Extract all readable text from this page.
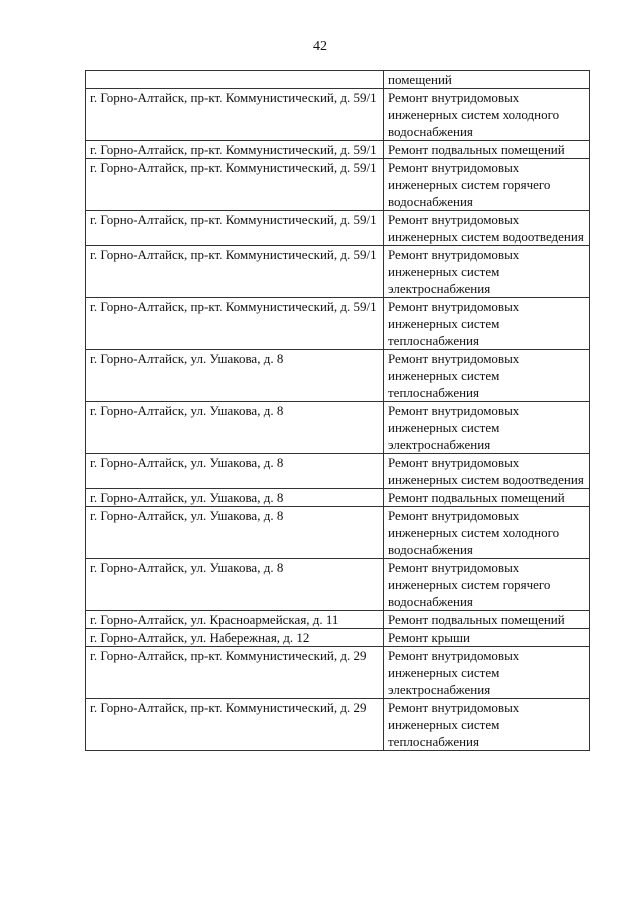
42
	помещений
г. Горно-Алтайск, пр-кт. Коммунистический, д. 59/1	Ремонт внутридомовых инженерных систем холодного водоснабжения
г. Горно-Алтайск, пр-кт. Коммунистический, д. 59/1	Ремонт подвальных помещений
г. Горно-Алтайск, пр-кт. Коммунистический, д. 59/1	Ремонт внутридомовых инженерных систем горячего водоснабжения
г. Горно-Алтайск, пр-кт. Коммунистический, д. 59/1	Ремонт внутридомовых инженерных систем водоотведения
г. Горно-Алтайск, пр-кт. Коммунистический, д. 59/1	Ремонт внутридомовых инженерных систем электроснабжения
г. Горно-Алтайск, пр-кт. Коммунистический, д. 59/1	Ремонт внутридомовых инженерных систем теплоснабжения
г. Горно-Алтайск, ул. Ушакова, д. 8	Ремонт внутридомовых инженерных систем теплоснабжения
г. Горно-Алтайск, ул. Ушакова, д. 8	Ремонт внутридомовых инженерных систем электроснабжения
г. Горно-Алтайск, ул. Ушакова, д. 8	Ремонт внутридомовых инженерных систем водоотведения
г. Горно-Алтайск, ул. Ушакова, д. 8	Ремонт подвальных помещений
г. Горно-Алтайск, ул. Ушакова, д. 8	Ремонт внутридомовых инженерных систем холодного водоснабжения
г. Горно-Алтайск, ул. Ушакова, д. 8	Ремонт внутридомовых инженерных систем горячего водоснабжения
г. Горно-Алтайск, ул. Красноармейская, д. 11	Ремонт подвальных помещений
г. Горно-Алтайск, ул. Набережная, д. 12	Ремонт крыши
г. Горно-Алтайск, пр-кт. Коммунистический, д. 29	Ремонт внутридомовых инженерных систем электроснабжения
г. Горно-Алтайск, пр-кт. Коммунистический, д. 29	Ремонт внутридомовых инженерных систем теплоснабжения
